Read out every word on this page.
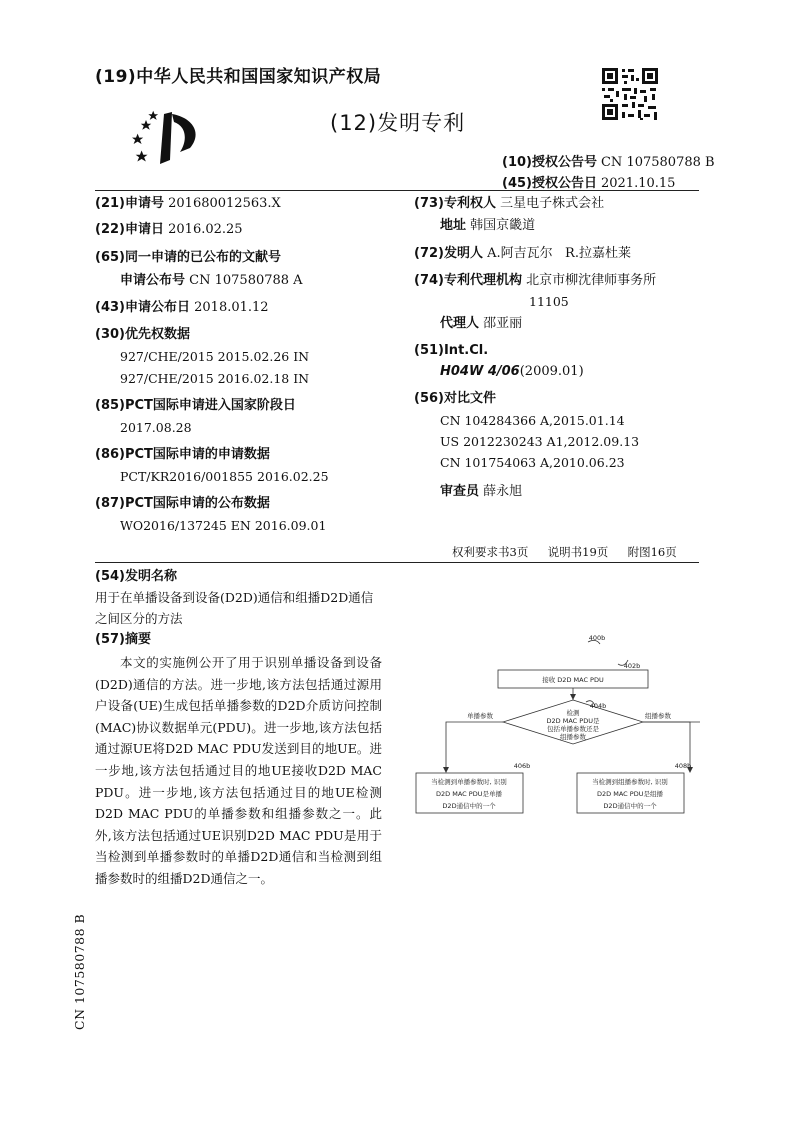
(19)中华人民共和国国家知识产权局
(12)发明专利
(10)授权公告号 CN 107580788 B
(45)授权公告日 2021.10.15
(21)申请号 201680012563.X
(22)申请日 2016.02.25
(65)同一申请的已公布的文献号
申请公布号 CN 107580788 A
(43)申请公布日 2018.01.12
(30)优先权数据
927/CHE/2015 2015.02.26 IN
927/CHE/2015 2016.02.18 IN
(85)PCT国际申请进入国家阶段日
2017.08.28
(86)PCT国际申请的申请数据
PCT/KR2016/001855 2016.02.25
(87)PCT国际申请的公布数据
WO2016/137245 EN 2016.09.01
(73)专利权人 三星电子株式会社
地址 韩国京畿道
(72)发明人 A.阿吉瓦尔   R.拉嘉杜莱
(74)专利代理机构 北京市柳沈律师事务所
11105
代理人 邵亚丽
(51)Int.Cl.
H04W 4/06(2009.01)
(56)对比文件
CN 104284366 A,2015.01.14
US 2012230243 A1,2012.09.13
CN 101754063 A,2010.06.23
审查员 薛永旭
权利要求书3页  说明书19页  附图16页
(54)发明名称
用于在单播设备到设备(D2D)通信和组播D2D通信之间区分的方法
(57)摘要
本文的实施例公开了用于识别单播设备到设备(D2D)通信的方法。进一步地,该方法包括通过源用户设备(UE)生成包括单播参数的D2D介质访问控制(MAC)协议数据单元(PDU)。进一步地,该方法包括通过源UE将D2D MAC PDU发送到目的地UE。进一步地,该方法包括通过目的地UE接收D2D MAC PDU。进一步地,该方法包括通过目的地UE检测D2D MAC PDU的单播参数和组播参数之一。此外,该方法包括通过UE识别D2D MAC PDU是用于当检测到单播参数时的单播D2D通信和当检测到组播参数时的组播D2D通信之一。
CN 107580788 B
400b
402b
接收 D2D MAC PDU
404b
检测
D2D MAC PDU是
包括单播参数还是
组播参数
单播参数	组播参数
406b	408b
当检测到单播参数时, 识别
D2D MAC PDU是单播
D2D通信中的一个
当检测到组播参数时, 识别
D2D MAC PDU是组播
D2D通信中的一个
